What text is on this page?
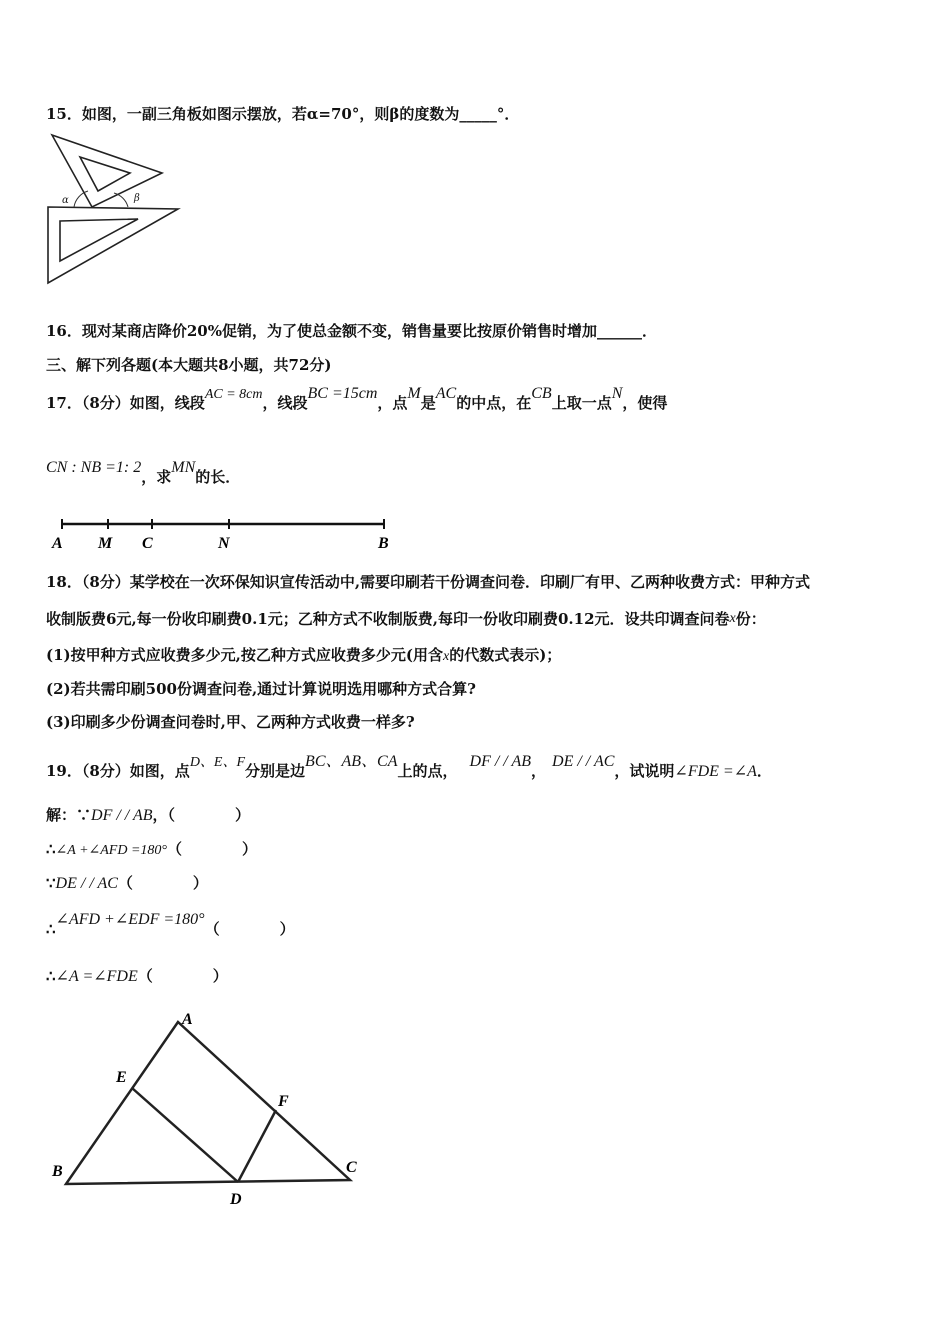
15．如图，一副三角板如图示摆放，若α=70°，则β的度数为_____°．
α	β
16．现对某商店降价20%促销，为了使总金额不变，销售量要比按原价销售时增加______．
三、解下列各题(本大题共8小题，共72分)
17．（8分）如图，线段AC = 8cm，线段BC =15cm，点M是AC的中点，在CB上取一点N，使得
CN : NB =1: 2，求MN的长．
A M C	N	B
18．（8分）某学校在一次环保知识宣传活动中,需要印刷若干份调查问卷．印刷厂有甲、乙两种收费方式：甲种方式
收制版费6元,每一份收印刷费0.1元；乙种方式不收制版费,每印一份收印刷费0.12元．设共印调查问卷x份：
(1)按甲种方式应收费多少元,按乙种方式应收费多少元(用含x的代数式表示)；
(2)若共需印刷500份调查问卷,通过计算说明选用哪种方式合算?
(3)印刷多少份调查问卷时,甲、乙两种方式收费一样多?
19．（8分）如图，点D、E、F分别是边BC、AB、CA上的点，DF / / AB，DE / / AC，试说明∠FDE =∠A．
解：∵DF / / AB，（　　　　）
∴∠A +∠AFD =180°（　　　　）
∵DE / / AC（　　　　）
∴∠AFD +∠EDF =180°（　　　　）
∴∠A =∠FDE（　　　　）
A
E
F
B
D
C
